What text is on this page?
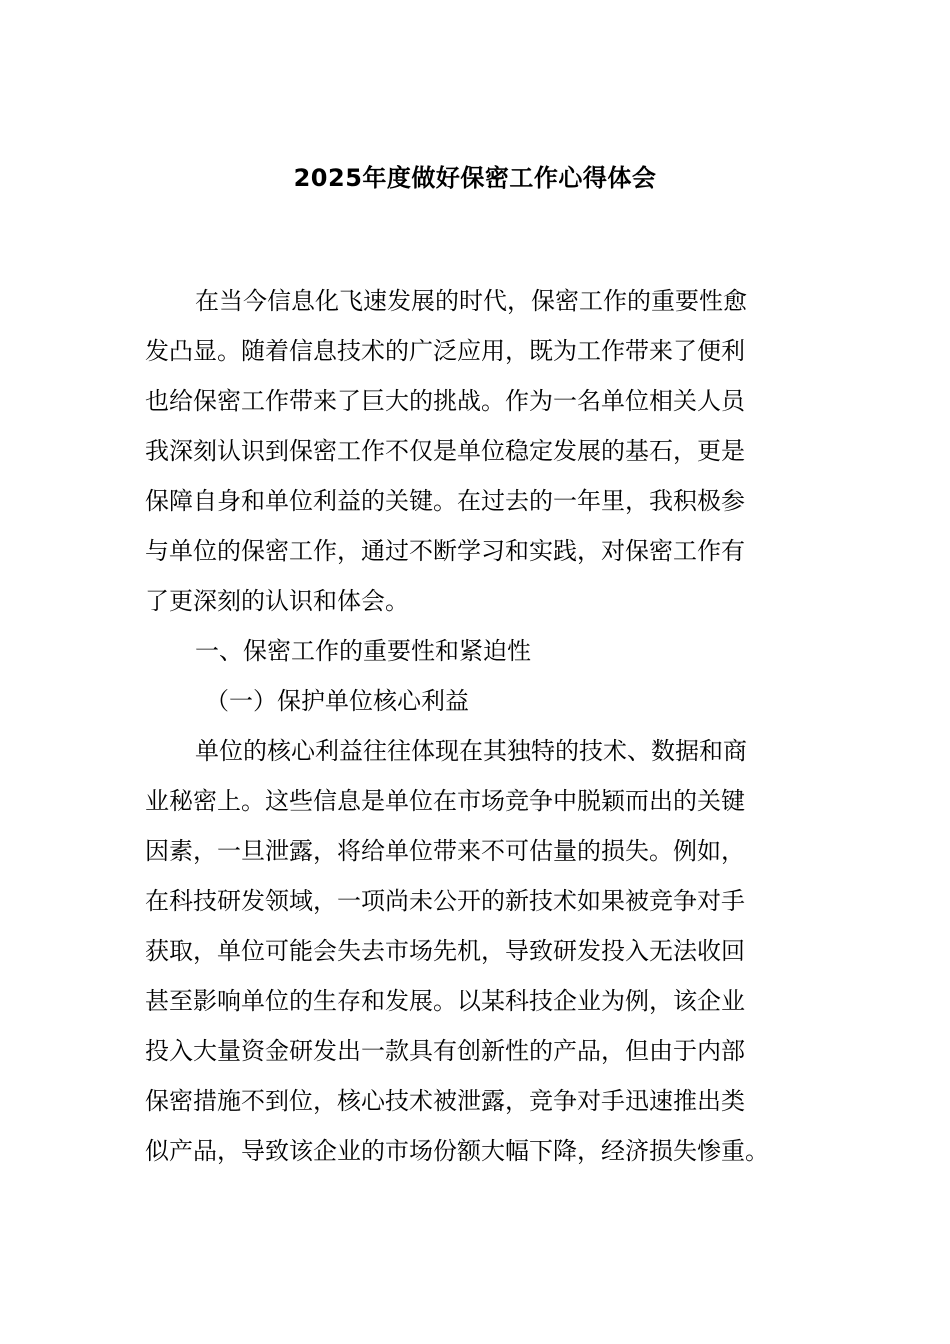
2025年度做好保密工作心得体会
在当今信息化飞速发展的时代，保密工作的重要性愈
发凸显。随着信息技术的广泛应用，既为工作带来了便利
也给保密工作带来了巨大的挑战。作为一名单位相关人员
我深刻认识到保密工作不仅是单位稳定发展的基石，更是
保障自身和单位利益的关键。在过去的一年里，我积极参
与单位的保密工作，通过不断学习和实践，对保密工作有
了更深刻的认识和体会。
一、保密工作的重要性和紧迫性
（一）保护单位核心利益
单位的核心利益往往体现在其独特的技术、数据和商
业秘密上。这些信息是单位在市场竞争中脱颖而出的关键
因素，一旦泄露，将给单位带来不可估量的损失。例如，
在科技研发领域，一项尚未公开的新技术如果被竞争对手
获取，单位可能会失去市场先机，导致研发投入无法收回
甚至影响单位的生存和发展。以某科技企业为例，该企业
投入大量资金研发出一款具有创新性的产品，但由于内部
保密措施不到位，核心技术被泄露，竞争对手迅速推出类
似产品，导致该企业的市场份额大幅下降，经济损失惨重。
